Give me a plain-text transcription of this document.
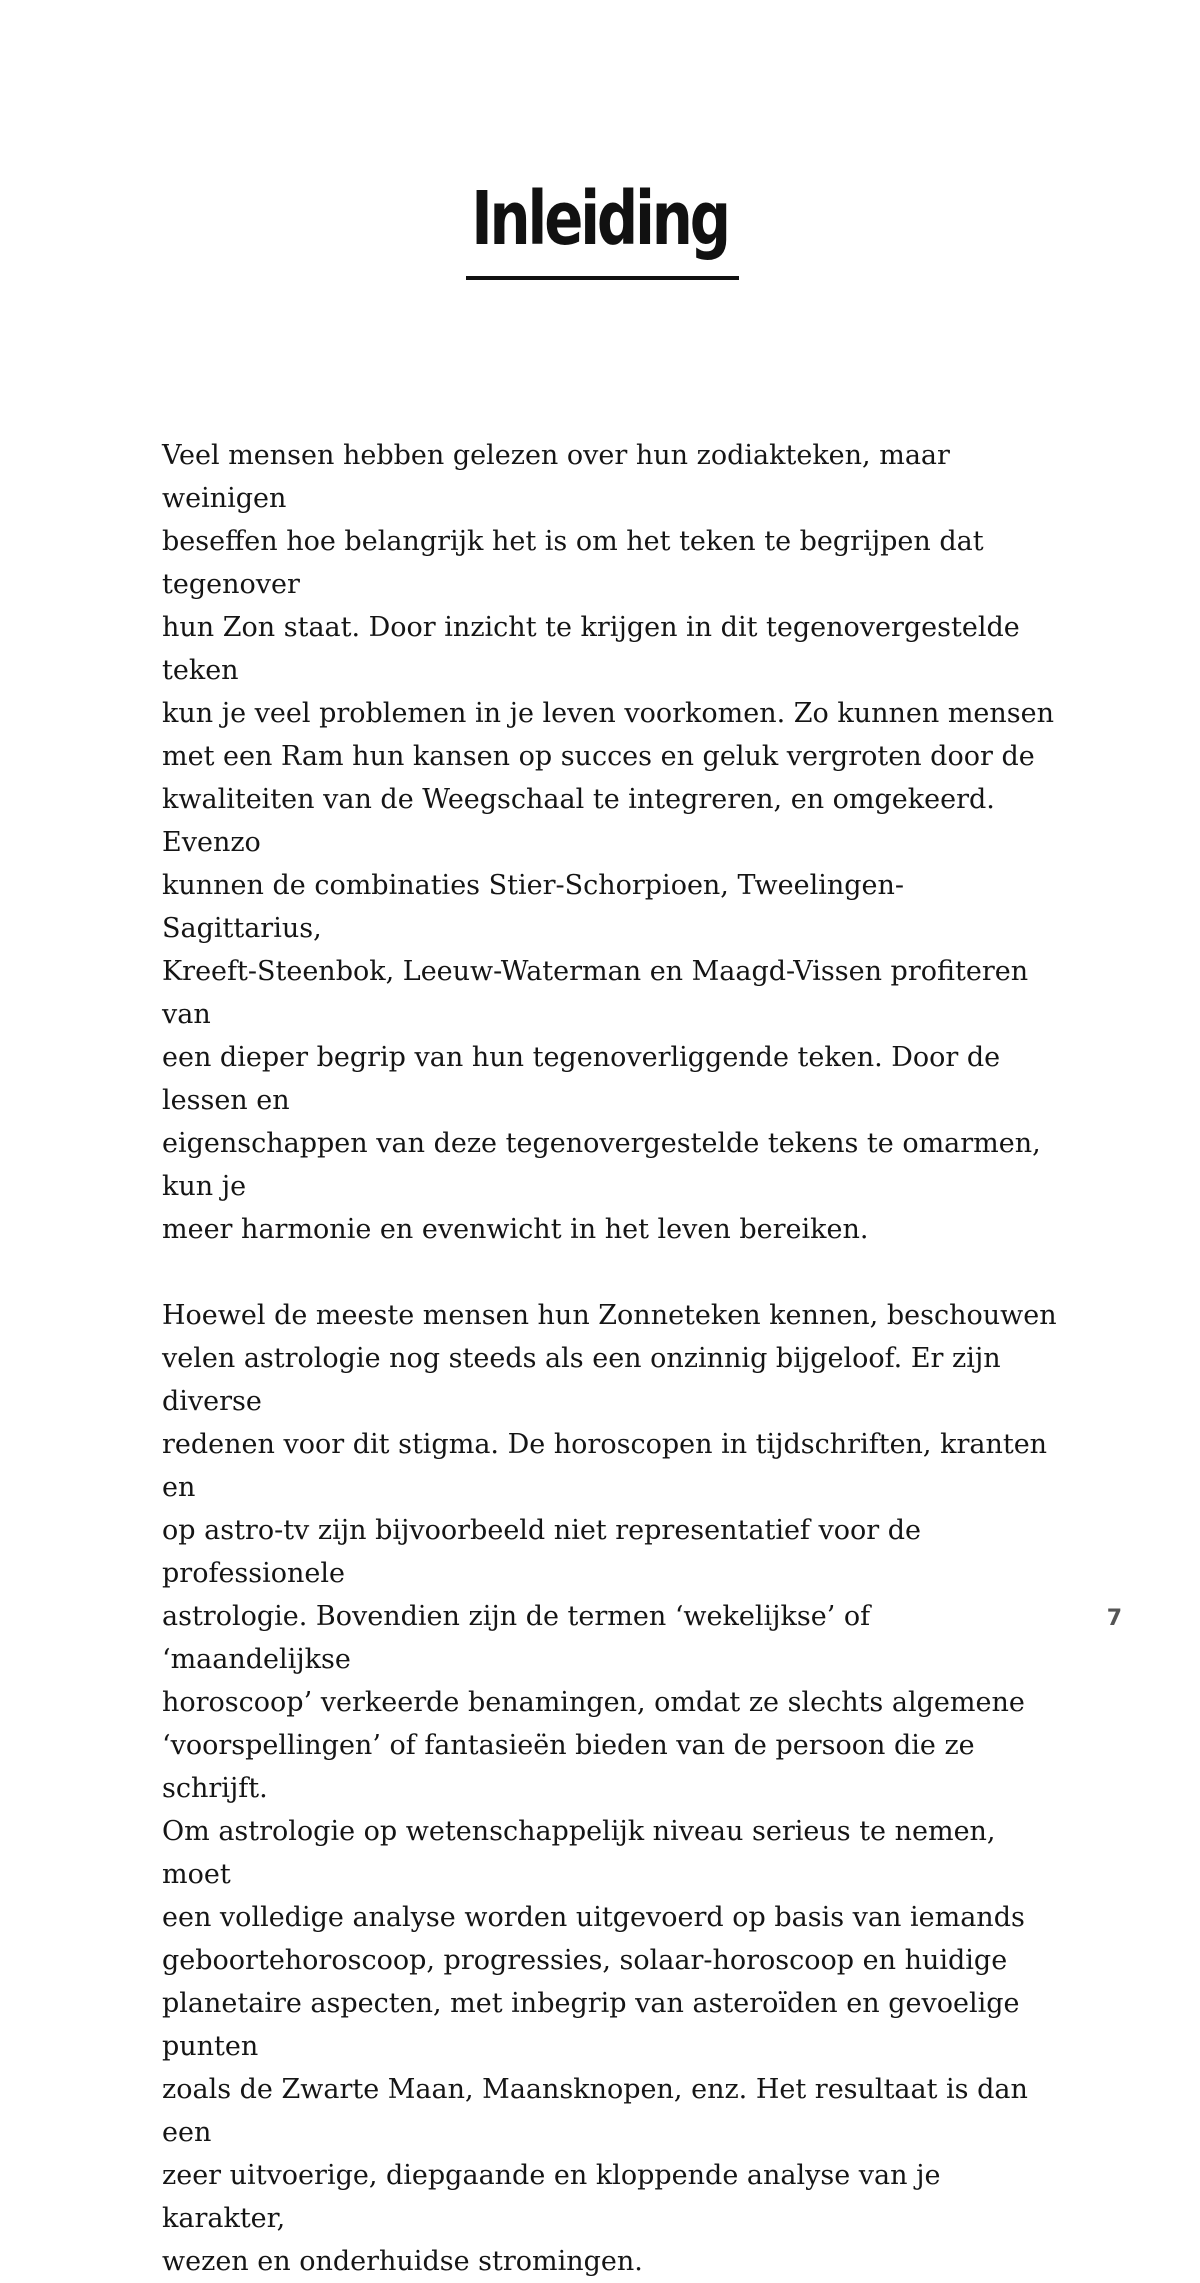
Inleiding

Veel mensen hebben gelezen over hun zodiakteken, maar weinigen
beseffen hoe belangrijk het is om het teken te begrijpen dat tegenover
hun Zon staat. Door inzicht te krijgen in dit tegenovergestelde teken
kun je veel problemen in je leven voorkomen. Zo kunnen mensen
met een Ram hun kansen op succes en geluk vergroten door de
kwaliteiten van de Weegschaal te integreren, en omgekeerd. Evenzo
kunnen de combinaties Stier-Schorpioen, Tweelingen-Sagittarius,
Kreeft-Steenbok, Leeuw-Waterman en Maagd-Vissen profiteren van
een dieper begrip van hun tegenoverliggende teken. Door de lessen en
eigenschappen van deze tegenovergestelde tekens te omarmen, kun je
meer harmonie en evenwicht in het leven bereiken.

Hoewel de meeste mensen hun Zonneteken kennen, beschouwen
velen astrologie nog steeds als een onzinnig bijgeloof. Er zijn diverse
redenen voor dit stigma. De horoscopen in tijdschriften, kranten en
op astro-tv zijn bijvoorbeeld niet representatief voor de professionele
astrologie. Bovendien zijn de termen ‘wekelijkse’ of ‘maandelijkse
horoscoop’ verkeerde benamingen, omdat ze slechts algemene
‘voorspellingen’ of fantasieën bieden van de persoon die ze schrijft.
Om astrologie op wetenschappelijk niveau serieus te nemen, moet
een volledige analyse worden uitgevoerd op basis van iemands
geboortehoroscoop, progressies, solaar-horoscoop en huidige
planetaire aspecten, met inbegrip van asteroïden en gevoelige punten
zoals de Zwarte Maan, Maansknopen, enz. Het resultaat is dan een
zeer uitvoerige, diepgaande en kloppende analyse van je karakter,
wezen en onderhuidse stromingen.

7
